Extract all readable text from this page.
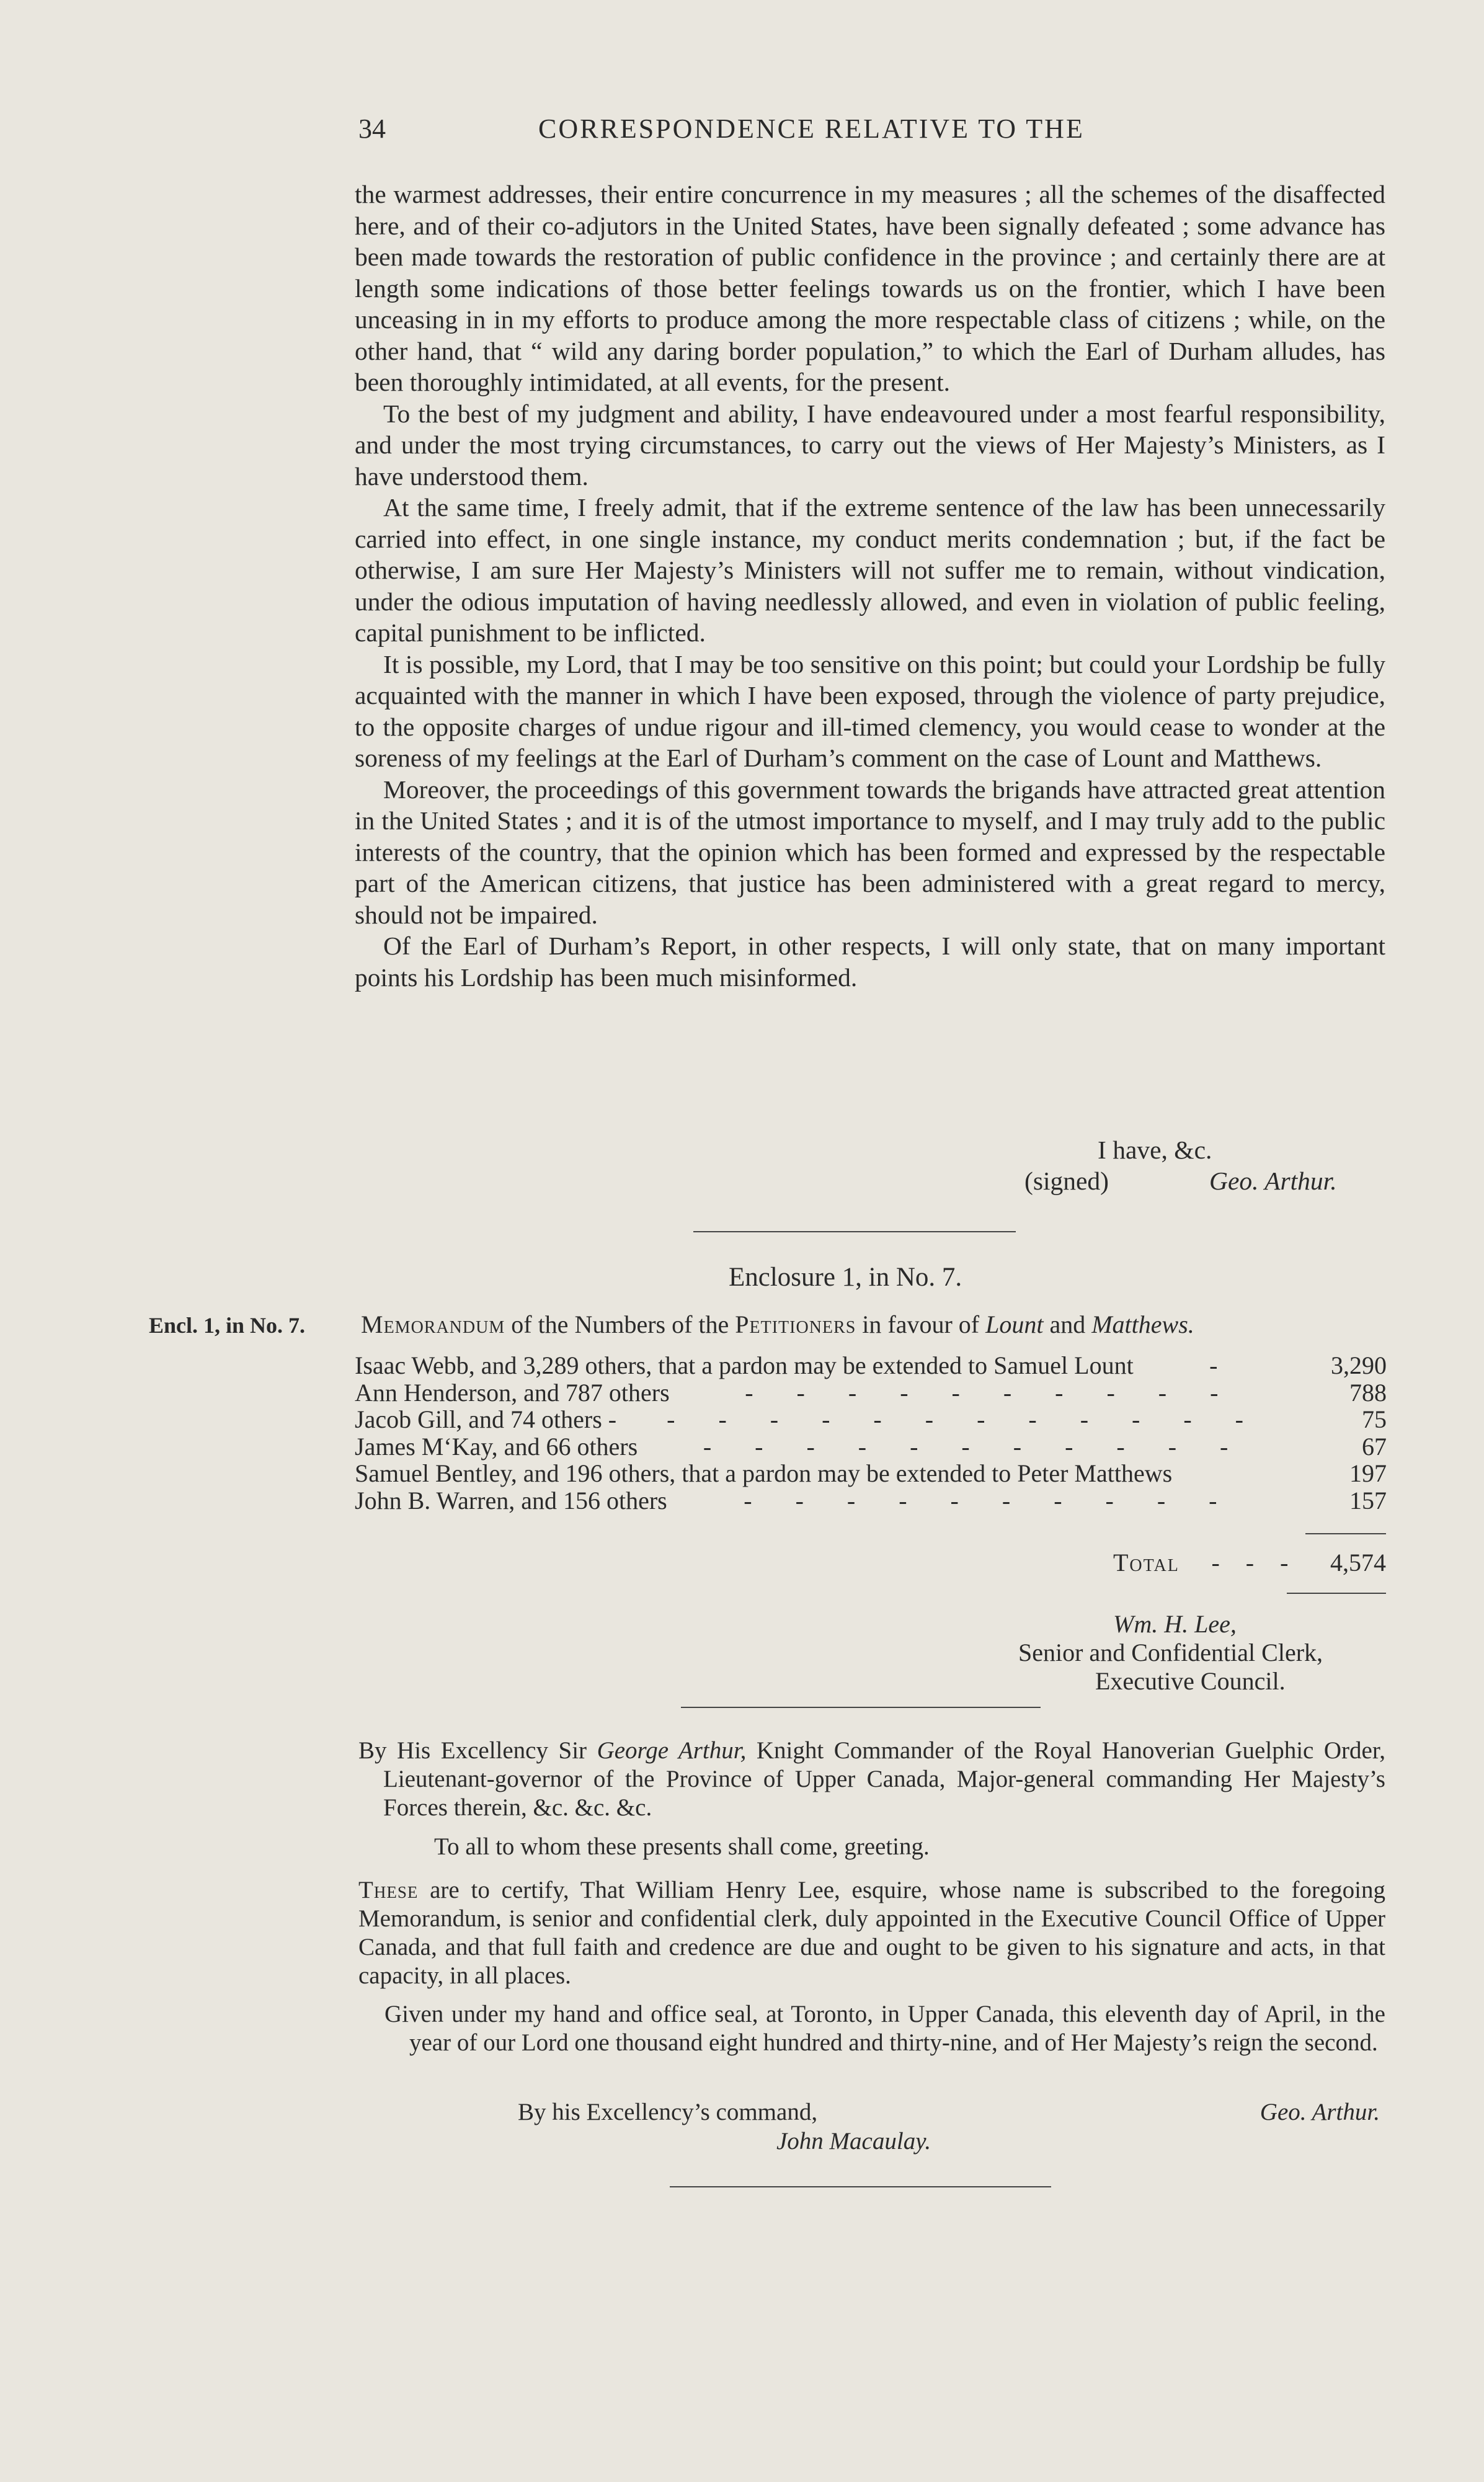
34	CORRESPONDENCE RELATIVE TO THE

the warmest addresses, their entire concurrence in my measures ; all the schemes of the disaffected here, and of their co-adjutors in the United States, have been signally defeated ; some advance has been made towards the restoration of public confidence in the province ; and certainly there are at length some indications of those better feelings towards us on the frontier, which I have been unceasing in in my efforts to produce among the more respectable class of citizens ; while, on the other hand, that “ wild any daring border population,” to which the Earl of Durham alludes, has been thoroughly intimidated, at all events, for the present.

To the best of my judgment and ability, I have endeavoured under a most fearful responsibility, and under the most trying circumstances, to carry out the views of Her Majesty’s Ministers, as I have understood them.

At the same time, I freely admit, that if the extreme sentence of the law has been unnecessarily carried into effect, in one single instance, my conduct merits condemnation ; but, if the fact be otherwise, I am sure Her Majesty’s Ministers will not suffer me to remain, without vindication, under the odious imputation of having needlessly allowed, and even in violation of public feeling, capital punishment to be inflicted.

It is possible, my Lord, that I may be too sensitive on this point; but could your Lordship be fully acquainted with the manner in which I have been exposed, through the violence of party prejudice, to the opposite charges of undue rigour and ill-timed clemency, you would cease to wonder at the soreness of my feelings at the Earl of Durham’s comment on the case of Lount and Matthews.

Moreover, the proceedings of this government towards the brigands have attracted great attention in the United States ; and it is of the utmost importance to myself, and I may truly add to the public interests of the country, that the opinion which has been formed and expressed by the respectable part of the American citizens, that justice has been administered with a great regard to mercy, should not be impaired.

Of the Earl of Durham’s Report, in other respects, I will only state, that on many important points his Lordship has been much misinformed.

I have, &c.
(signed)	Geo. Arthur.
Enclosure 1, in No. 7.
Encl. 1, in No. 7. Memorandum of the Numbers of the Petitioners in favour of Lount and Matthews.
Isaac Webb, and 3,289 others, that a pardon may be extended to Samuel Lount	-	3,290
Ann Henderson, and 787 others	- - - - - - - - - -	788
Jacob Gill, and 74 others -	- - - - - - - - - - - -	75
James M‘Kay, and 66 others	- - - - - - - - - - -	67
Samuel Bentley, and 196 others, that a pardon may be extended to Peter Matthews	197
John B. Warren, and 156 others	- - - - - - - - - -	157
Total	- - -	4,574
Wm. H. Lee,
Senior and Confidential Clerk,
Executive Council.

By His Excellency Sir George Arthur, Knight Commander of the Royal Hanoverian Guelphic Order, Lieutenant-governor of the Province of Upper Canada, Major-general commanding Her Majesty’s Forces therein, &c. &c. &c.

To all to whom these presents shall come, greeting.

These are to certify, That William Henry Lee, esquire, whose name is subscribed to the foregoing Memorandum, is senior and confidential clerk, duly appointed in the Executive Council Office of Upper Canada, and that full faith and credence are due and ought to be given to his signature and acts, in that capacity, in all places.

Given under my hand and office seal, at Toronto, in Upper Canada, this eleventh day of April, in the year of our Lord one thousand eight hundred and thirty-nine, and of Her Majesty’s reign the second.

By his Excellency’s command,	Geo. Arthur.
John Macaulay.
